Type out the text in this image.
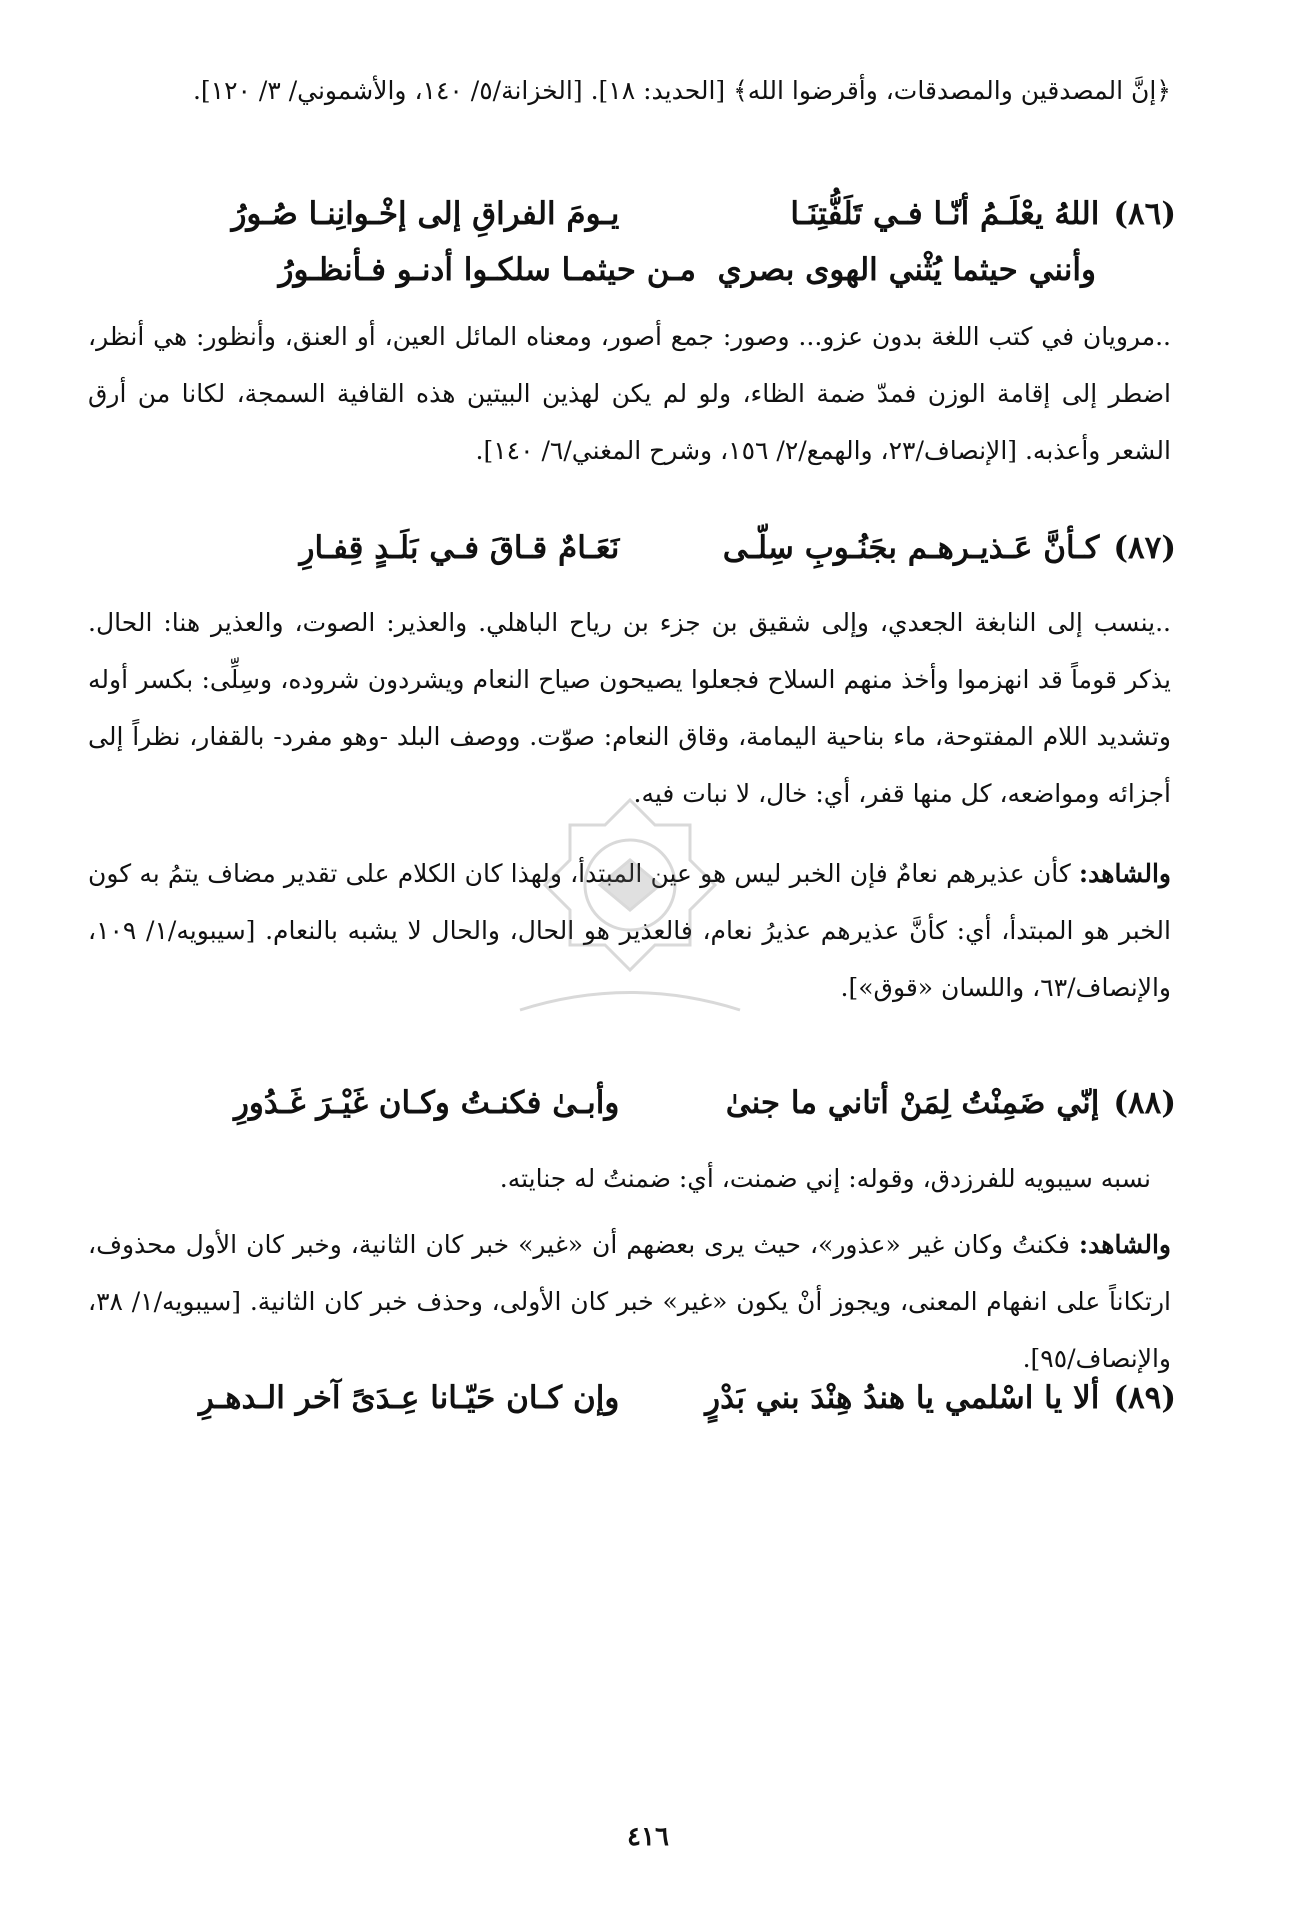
﴿إنَّ المصدقين والمصدقات، وأقرضوا الله﴾ [الحديد: ١٨]. [الخزانة/٥/ ١٤٠، والأشموني/ ٣/ ١٢٠].

(٨٦)
اللهُ يعْلَـمُ أنّـا فـي تَلَفُّتِنَـا
يـومَ الفراقِ إلى إخْـوانِنـا صُـورُ
وأنني حيثما يُثْني الهوى بصري
مـن حيثمـا سلكـوا أدنـو فـأنظـورُ

..مرويان في كتب اللغة بدون عزو... وصور: جمع أصور، ومعناه المائل العين، أو العنق، وأنظور: هي أنظر، اضطر إلى إقامة الوزن فمدّ ضمة الظاء، ولو لم يكن لهذين البيتين هذه القافية السمجة، لكانا من أرق الشعر وأعذبه. [الإنصاف/٢٣، والهمع/٢/ ١٥٦، وشرح المغني/٦/ ١٤٠].

(٨٧)
كـأنَّ عَـذيـرهـم بجَنُـوبِ سِلّـى
نَعَـامٌ قـاقَ فـي بَلَـدٍ قِفـارِ

..ينسب إلى النابغة الجعدي، وإلى شقيق بن جزء بن رياح الباهلي. والعذير: الصوت، والعذير هنا: الحال. يذكر قوماً قد انهزموا وأخذ منهم السلاح فجعلوا يصيحون صياح النعام ويشردون شروده، وسِلِّى: بكسر أوله وتشديد اللام المفتوحة، ماء بناحية اليمامة، وقاق النعام: صوّت. ووصف البلد -وهو مفرد- بالقفار، نظراً إلى أجزائه ومواضعه، كل منها قفر، أي: خال، لا نبات فيه.

والشاهد: كأن عذيرهم نعامٌ فإن الخبر ليس هو عين المبتدأ، ولهذا كان الكلام على تقدير مضاف يتمُ به كون الخبر هو المبتدأ، أي: كأنَّ عذيرهم عذيرُ نعام، فالعذير هو الحال، والحال لا يشبه بالنعام. [سيبويه/١/ ١٠٩، والإنصاف/٦٣، واللسان «قوق»].

(٨٨)
إنّي ضَمِنْتُ لِمَنْ أتاني ما جنىٰ
وأبـىٰ فكنـتُ وكـان غَيْـرَ غَـدُورِ

نسبه سيبويه للفرزدق، وقوله: إني ضمنت، أي: ضمنتُ له جنايته.

والشاهد: فكنتُ وكان غير «عذور»، حيث يرى بعضهم أن «غير» خبر كان الثانية، وخبر كان الأول محذوف، ارتكاناً على انفهام المعنى، ويجوز أنْ يكون «غير» خبر كان الأولى، وحذف خبر كان الثانية. [سيبويه/١/ ٣٨، والإنصاف/٩٥].

(٨٩)
ألا يا اسْلمي يا هندُ هِنْدَ بني بَدْرٍ
وإن كـان حَيّـانا عِـدَىً آخر الـدهـرِ
٤١٦
